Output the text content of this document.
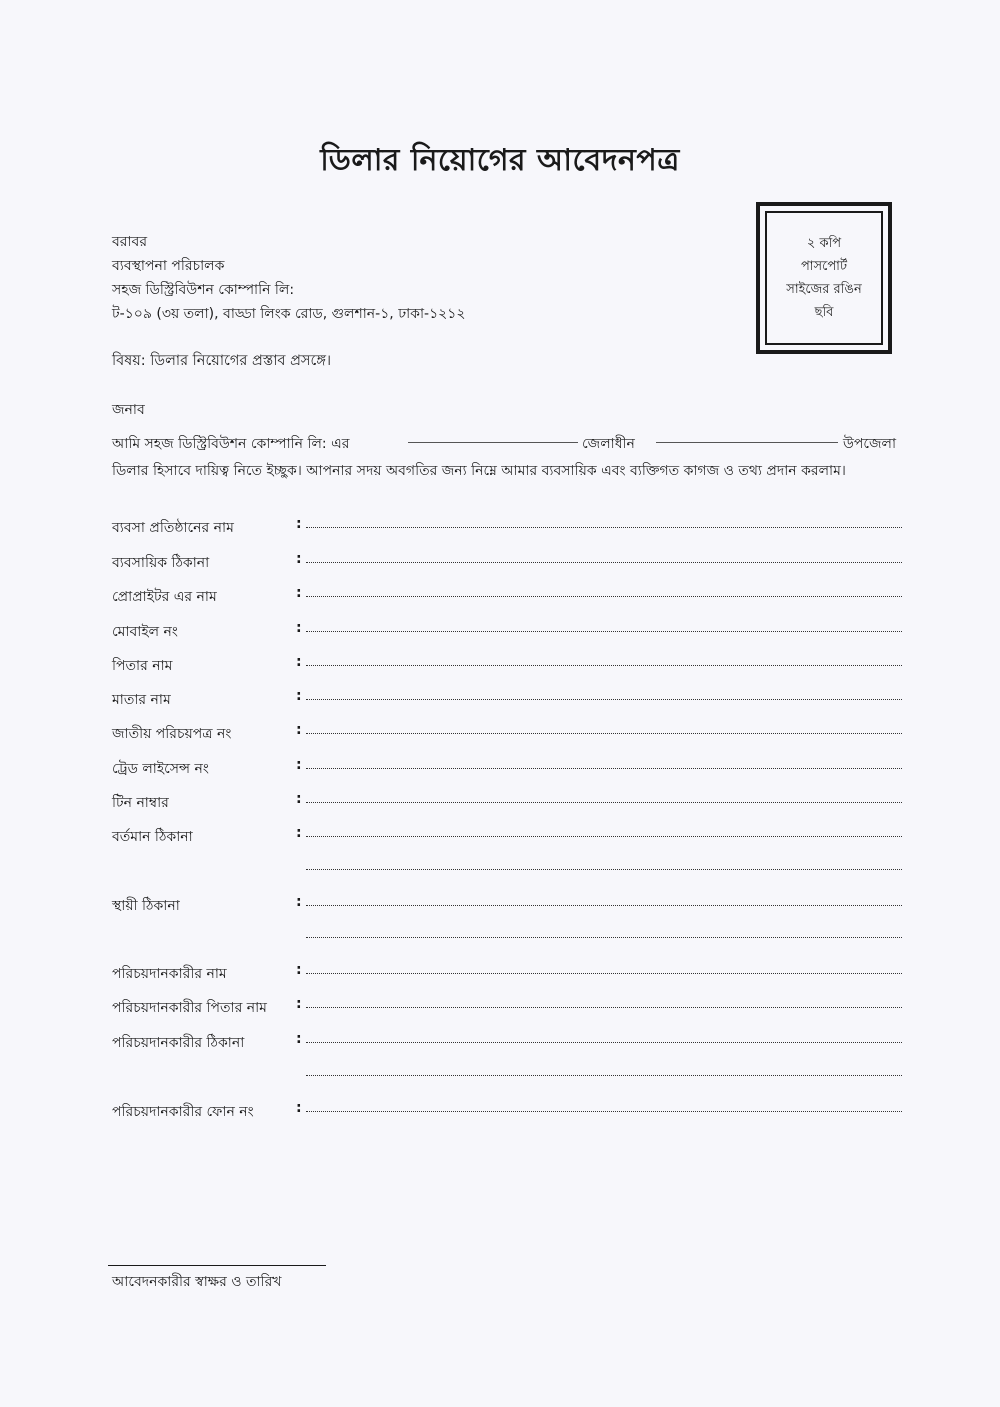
ডিলার নিয়োগের আবেদনপত্র
২ কপি
পাসপোর্ট
সাইজের রঙিন
ছবি
বরাবর
ব্যবস্থাপনা পরিচালক
সহজ ডিস্ট্রিবিউশন কোম্পানি লি:
ট-১০৯ (৩য় তলা), বাড্ডা লিংক রোড, গুলশান-১, ঢাকা-১২১২
বিষয়: ডিলার নিয়োগের প্রস্তাব প্রসঙ্গে।
জনাব
আমি সহজ ডিস্ট্রিবিউশন কোম্পানি লি: এর	জেলাধীন	উপজেলা
ডিলার হিসাবে দায়িত্ব নিতে ইচ্ছুক। আপনার সদয় অবগতির জন্য নিম্নে আমার ব্যবসায়িক এবং ব্যক্তিগত কাগজ ও তথ্য প্রদান করলাম।
ব্যবসা প্রতিষ্ঠানের নাম	:
ব্যবসায়িক ঠিকানা	:
প্রোপ্রাইটর এর নাম	:
মোবাইল নং	:
পিতার নাম	:
মাতার নাম	:
জাতীয় পরিচয়পত্র নং	:
ট্রেড লাইসেন্স নং	:
টিন নাম্বার	:
বর্তমান ঠিকানা	:
স্থায়ী ঠিকানা	:
পরিচয়দানকারীর নাম	:
পরিচয়দানকারীর পিতার নাম :
পরিচয়দানকারীর ঠিকানা	:
পরিচয়দানকারীর ফোন নং	:
আবেদনকারীর স্বাক্ষর ও তারিখ
